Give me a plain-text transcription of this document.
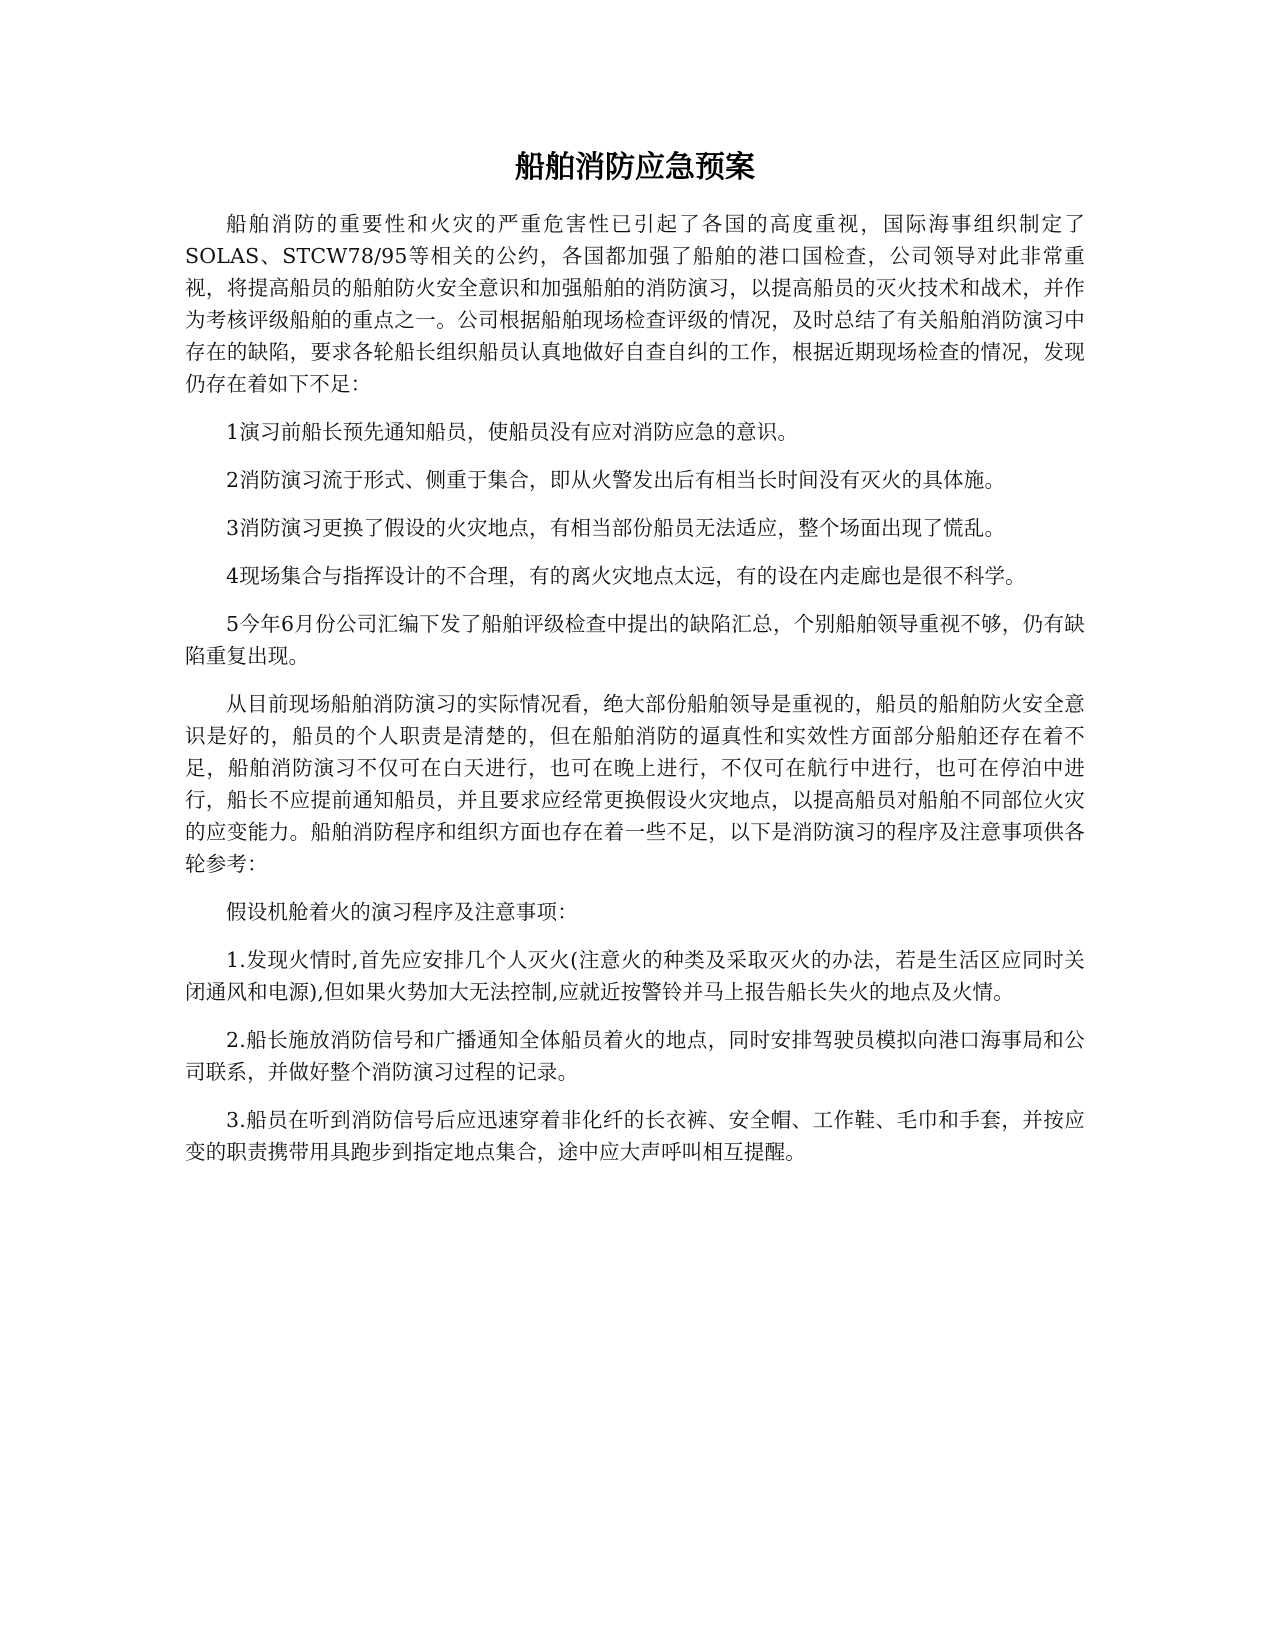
船舶消防应急预案

船舶消防的重要性和火灾的严重危害性已引起了各国的高度重视，国际海事组织制定了SOLAS、STCW78/95等相关的公约，各国都加强了船舶的港口国检查，公司领导对此非常重视，将提高船员的船舶防火安全意识和加强船舶的消防演习，以提高船员的灭火技术和战术，并作为考核评级船舶的重点之一。公司根据船舶现场检查评级的情况，及时总结了有关船舶消防演习中存在的缺陷，要求各轮船长组织船员认真地做好自查自纠的工作，根据近期现场检查的情况，发现仍存在着如下不足：

1演习前船长预先通知船员，使船员没有应对消防应急的意识。

2消防演习流于形式、侧重于集合，即从火警发出后有相当长时间没有灭火的具体施。

3消防演习更换了假设的火灾地点，有相当部份船员无法适应，整个场面出现了慌乱。

4现场集合与指挥设计的不合理，有的离火灾地点太远，有的设在内走廊也是很不科学。

5今年6月份公司汇编下发了船舶评级检查中提出的缺陷汇总，个别船舶领导重视不够，仍有缺陷重复出现。

从目前现场船舶消防演习的实际情况看，绝大部份船舶领导是重视的，船员的船舶防火安全意识是好的，船员的个人职责是清楚的，但在船舶消防的逼真性和实效性方面部分船舶还存在着不足，船舶消防演习不仅可在白天进行，也可在晚上进行，不仅可在航行中进行，也可在停泊中进行，船长不应提前通知船员，并且要求应经常更换假设火灾地点，以提高船员对船舶不同部位火灾的应变能力。船舶消防程序和组织方面也存在着一些不足，以下是消防演习的程序及注意事项供各轮参考：

假设机舱着火的演习程序及注意事项：

1.发现火情时,首先应安排几个人灭火(注意火的种类及采取灭火的办法，若是生活区应同时关闭通风和电源),但如果火势加大无法控制,应就近按警铃并马上报告船长失火的地点及火情。

2.船长施放消防信号和广播通知全体船员着火的地点，同时安排驾驶员模拟向港口海事局和公司联系，并做好整个消防演习过程的记录。

3.船员在听到消防信号后应迅速穿着非化纤的长衣裤、安全帽、工作鞋、毛巾和手套，并按应变的职责携带用具跑步到指定地点集合，途中应大声呼叫相互提醒。
